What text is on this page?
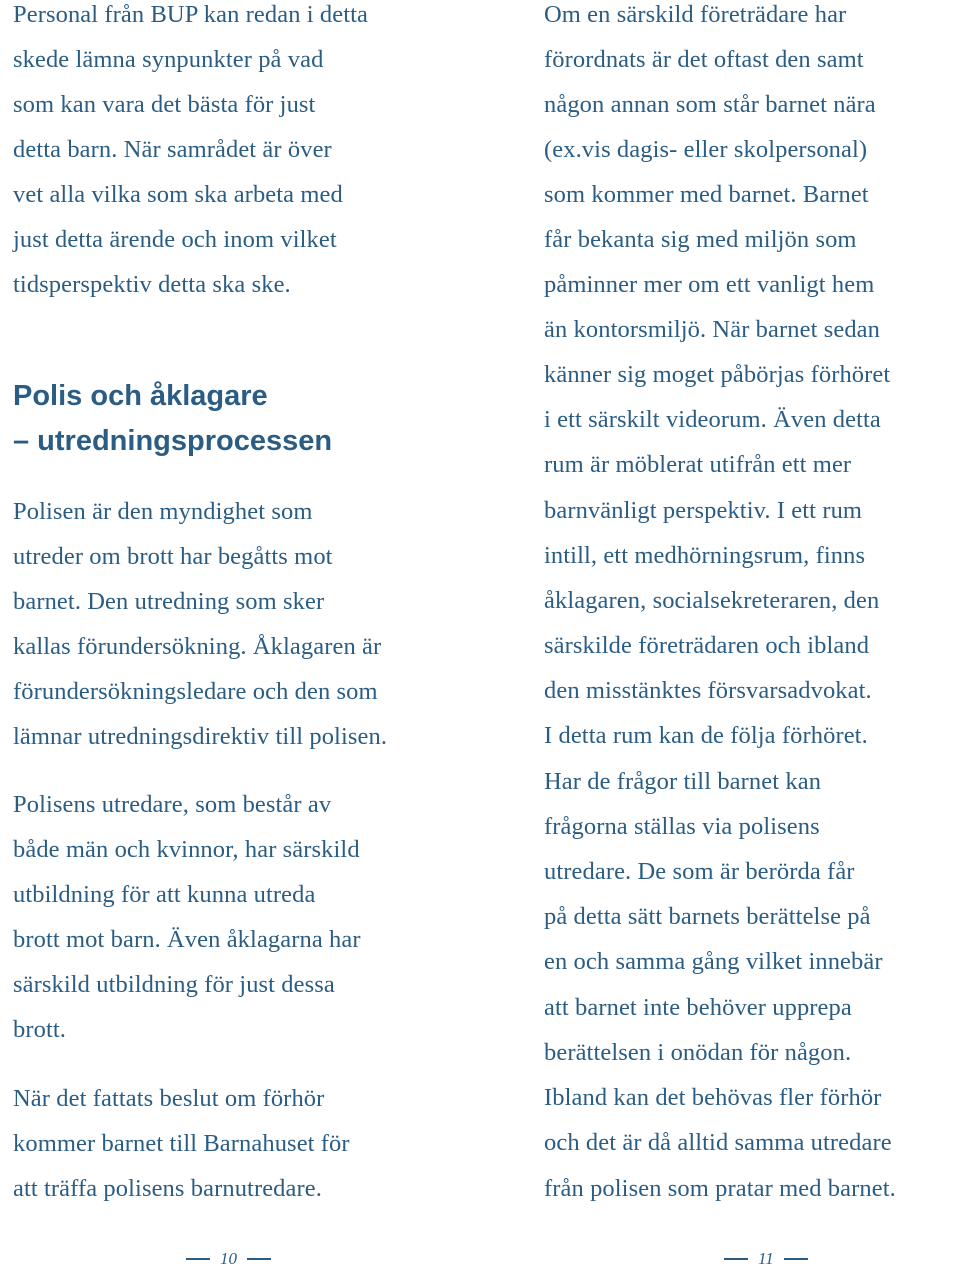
Personal från BUP kan redan i detta
skede lämna synpunkter på vad
som kan vara det bästa för just
detta barn. När samrådet är över
vet alla vilka som ska arbeta med
just detta ärende och inom vilket
tidsperspektiv detta ska ske.
Polis och åklagare
– utredningsprocessen
Polisen är den myndighet som
utreder om brott har begåtts mot
barnet. Den utredning som sker
kallas förundersökning. Åklagaren är
förundersökningsledare och den som
lämnar utredningsdirektiv till polisen.
Polisens utredare, som består av
både män och kvinnor, har särskild
utbildning för att kunna utreda
brott mot barn. Även åklagarna har
särskild utbildning för just dessa
brott.
När det fattats beslut om förhör
kommer barnet till Barnahuset för
att träffa polisens barnutredare.
Om en särskild företrädare har
förordnats är det oftast den samt
någon annan som står barnet nära
(ex.vis dagis- eller skolpersonal)
som kommer med barnet. Barnet
får bekanta sig med miljön som
påminner mer om ett vanligt hem
än kontorsmiljö. När barnet sedan
känner sig moget påbörjas förhöret
i ett särskilt videorum. Även detta
rum är möblerat utifrån ett mer
barnvänligt perspektiv. I ett rum
intill, ett medhörningsrum, finns
åklagaren, socialsekreteraren, den
särskilde företrädaren och ibland
den misstänktes försvarsadvokat.
I detta rum kan de följa förhöret.
Har de frågor till barnet kan
frågorna ställas via polisens
utredare. De som är berörda får
på detta sätt barnets berättelse på
en och samma gång vilket innebär
att barnet inte behöver upprepa
berättelsen i onödan för någon.
Ibland kan det behövas fler förhör
och det är då alltid samma utredare
från polisen som pratar med barnet.
10	11
